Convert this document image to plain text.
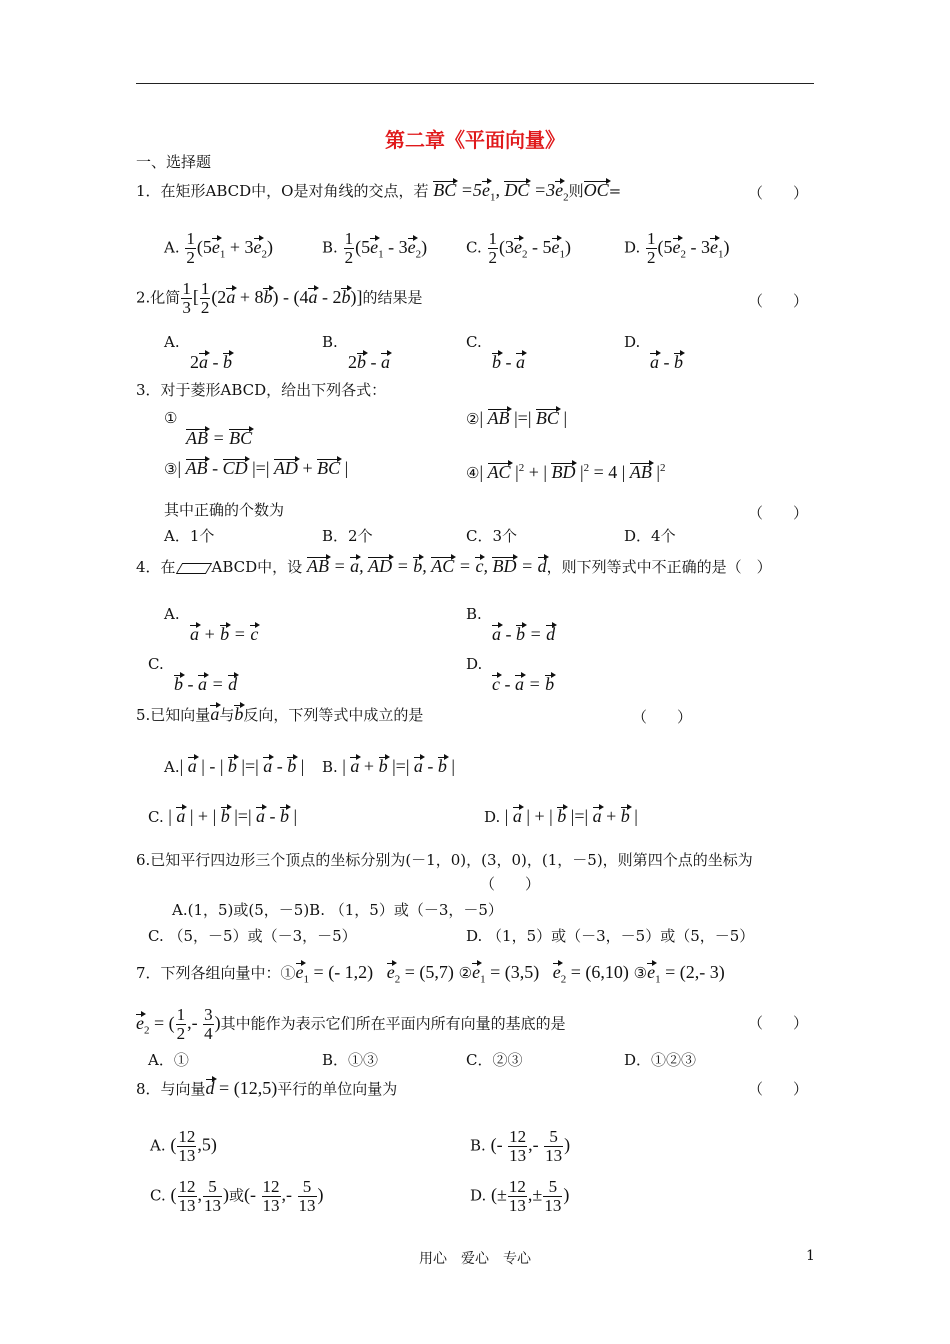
第二章《平面向量》
一、选择题
1．在矩形ABCD中，O是对角线的交点，若 BC $=5e_1$, DC $=3e_2$则OC=	（　　）
A. $\frac{1}{2} (5e_1 + 3e_2)$	B. $\frac{1}{2} (5e_1 - 3e_2)$	C. $\frac{1}{2} (3e_2 - 5e_1)$	D. $\frac{1}{2} (5e_2 - 3e_1)$
2.化简 $\frac{1}{3}$ [ $\frac{1}{2} (2a + 8b) - (4a - 2b)$]的结果是	（　　）
A.
2a - b
B.
2b - a
C.
b - a
D.
a - b
3．对于菱形ABCD，给出下列各式：
①
AB = BC
②| AB |=| BC |
③| AB - CD |=| AD + BC |	④| AC $|^2$ + | BD $|^2 = 4$ | AB $|^2$
其中正确的个数为	（　　）
A．1个	B．2个	C．3个	D．4个
4．在 ABCD中，设 AB = a, AD = b, AC = c, BD = d，则下列等式中不正确的是（　）
A.
a + b = c
B.
a - b = d
C.
b - a = d
D.
c - a = b
5.已知向量a与b反向，下列等式中成立的是	（　　）
A.| a | - | b |=| a - b | B. | a + b |=| a - b |
C. | a | + | b |=| a - b |	D. | a | + | b |=| a + b |
6.已知平行四边形三个顶点的坐标分别为(－1，0)，(3，0)，(1，－5)，则第四个点的坐标为
（　　）
A.(1，5)或(5，－5)B. （1，5）或（－3，－5）
C. （5，－5）或（－3，－5）	D. （1，5）或（－3，－5）或（5，－5）
7．下列各组向量中：$①e_1$ = (- 1,2)   $e_2 = (5,7)$ $②e_1 = (3,5) e_2 = (6,10)$ $③e_1 = (2,-$ 3)
$e_2$ = ( $\frac{1}{2}$ ,- $\frac{3}{4}$ )其中能作为表示它们所在平面内所有向量的基底的是	（　　）
A．①	B．①③	C．②③	D．①②③
8．与向量d = (12,5)平行的单位向量为	（　　）
A. ( $\frac{12}{13} ,5$)	B. (- $\frac{12}{13}$ ,- $\frac{5}{13}$ )
C. ( $\frac{12}{13}$ , $\frac{5}{13}$ )或(- $\frac{12}{13}$ ,- $\frac{5}{13}$ )	D. (± $\frac{12}{13}$ ,± $\frac{5}{13}$ )
用心　爱心　专心	1
